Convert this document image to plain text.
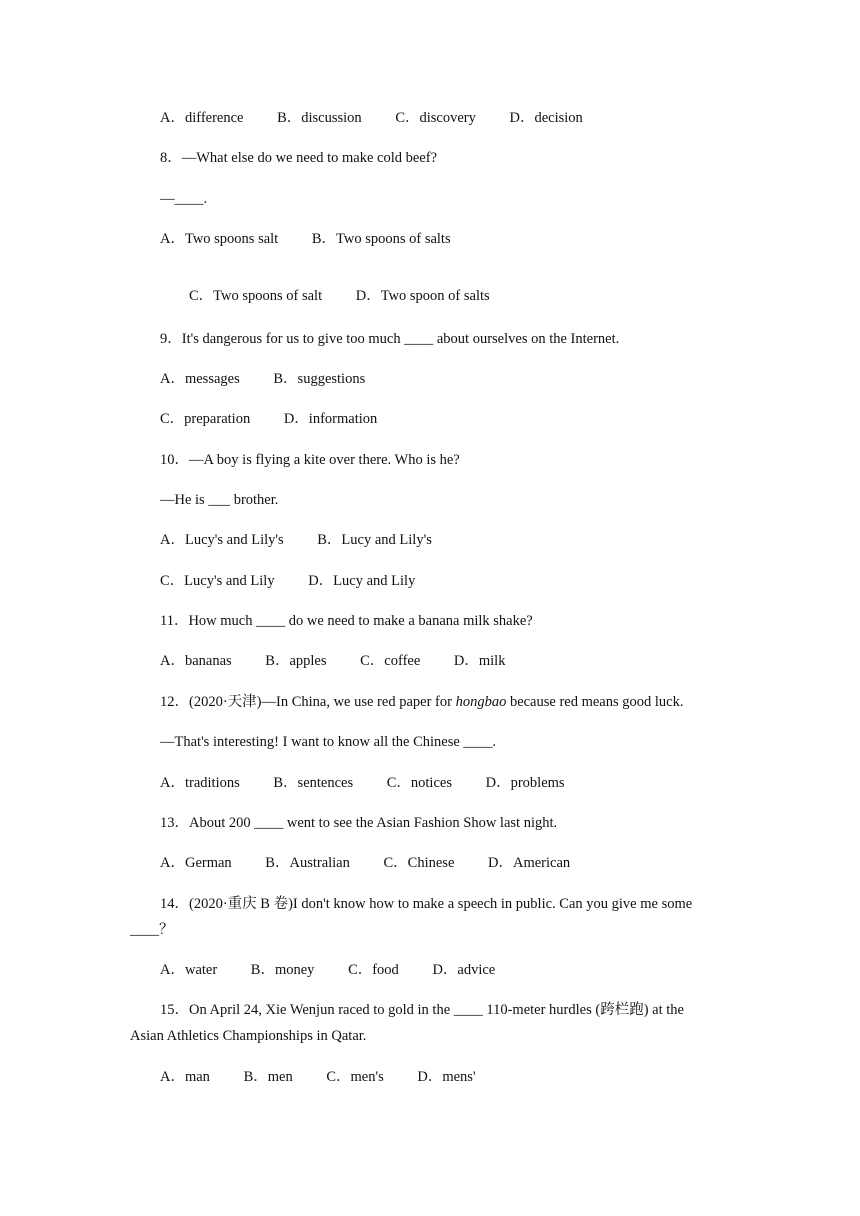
A．difference B．discussion C．discovery D．decision
8．—What else do we need to make cold beef?
—____.
A．Two spoons salt B．Two spoons of salts
C．Two spoons of salt D．Two spoon of salts
9．It's dangerous for us to give too much ____ about ourselves on the Internet.
A．messages B．suggestions
C．preparation D．information
10．—A boy is flying a kite over there. Who is he?
—He is ___ brother.
A．Lucy's and Lily's B．Lucy and Lily's
C．Lucy's and Lily D．Lucy and Lily
11．How much ____ do we need to make a banana milk shake?
A．bananas B．apples C．coffee D．milk
12．(2020·天津)—In China, we use red paper for hongbao because red means good luck.
—That's interesting! I want to know all the Chinese ____.
A．traditions B．sentences C．notices D．problems
13．About 200 ____ went to see the Asian Fashion Show last night.
A．German B．Australian C．Chinese D．American
14．(2020·重庆 B 卷)I don't know how to make a speech in public. Can you give me some
____？
A．water B．money C．food D．advice
15．On April 24, Xie Wenjun raced to gold in the ____ 110-meter hurdles (跨栏跑) at the
Asian Athletics Championships in Qatar.
A．man B．men C．men's D．mens'
